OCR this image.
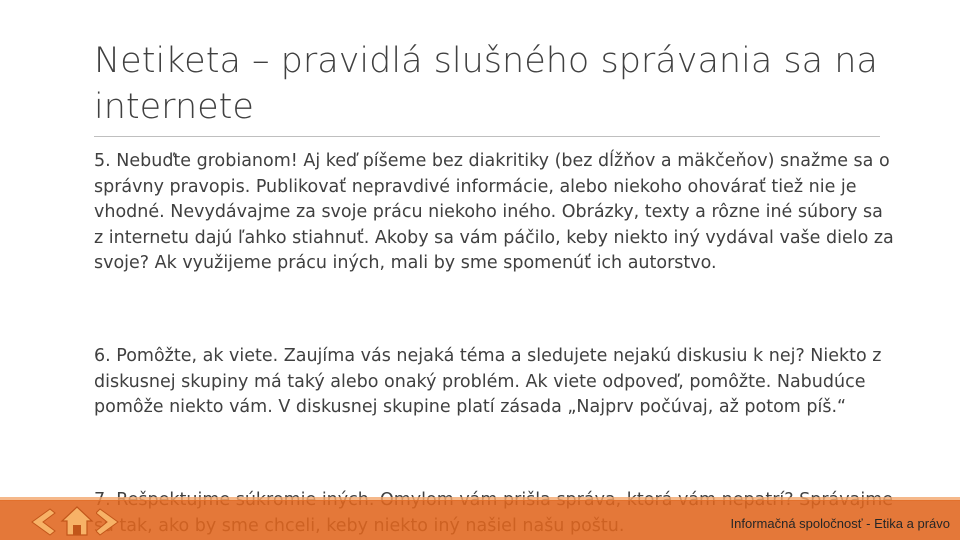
Netiketa – pravidlá slušného správania sa na internete

5. Nebuďte grobianom! Aj keď píšeme bez diakritiky (bez dĺžňov a mäkčeňov) snažme sa o správny pravopis. Publikovať nepravdivé informácie, alebo niekoho ohovárať tiež nie je vhodné. Nevydávajme za svoje prácu niekoho iného. Obrázky, texty a rôzne iné súbory sa z internetu dajú ľahko stiahnuť. Akoby sa vám páčilo, keby niekto iný vydával vaše dielo za svoje? Ak využijeme prácu iných, mali by sme spomenúť ich autorstvo.

6. Pomôžte, ak viete. Zaujíma vás nejaká téma a sledujete nejakú diskusiu k nej? Niekto z diskusnej skupiny má taký alebo onaký problém. Ak viete odpoveď, pomôžte. Nabudúce pomôže niekto vám. V diskusnej skupine platí zásada „Najprv počúvaj, až potom píš.“

Informačná spoločnosť - Etika a právo
